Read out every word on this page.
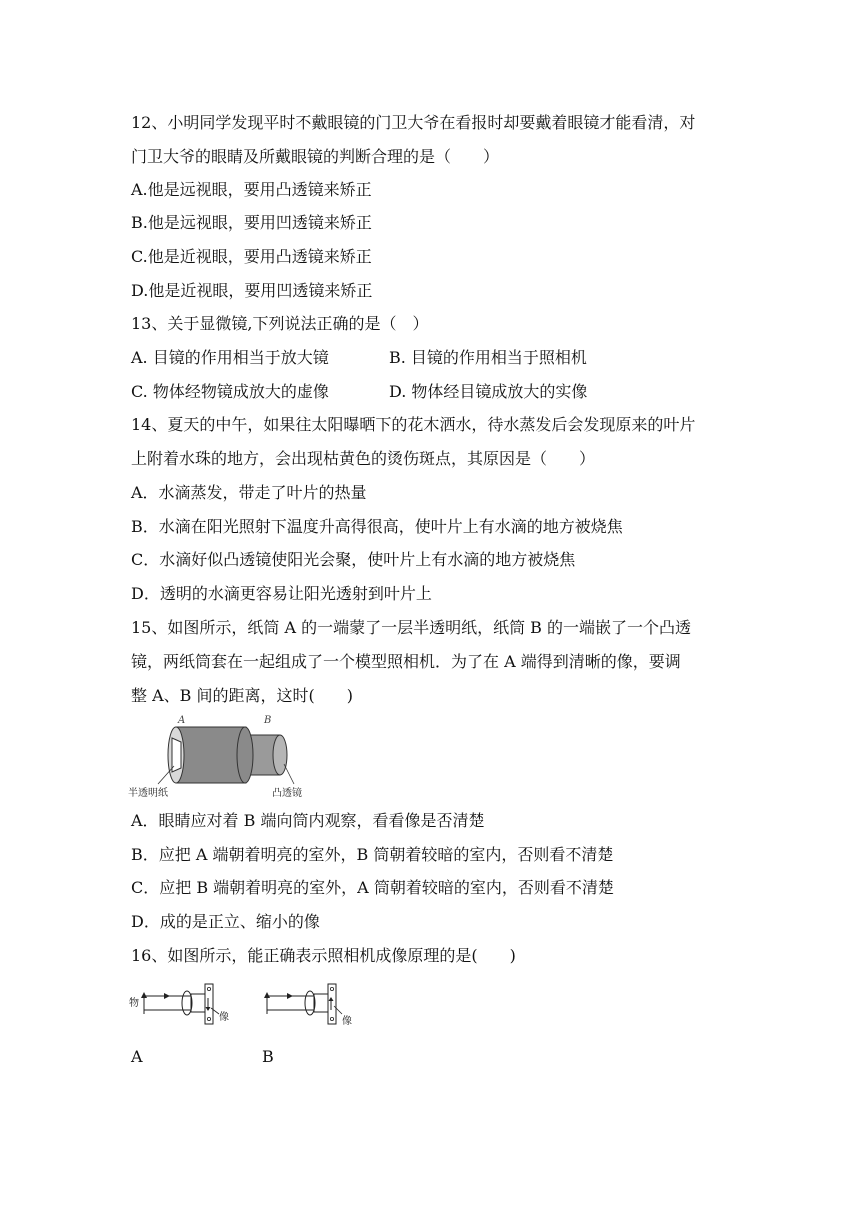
12、小明同学发现平时不戴眼镜的门卫大爷在看报时却要戴着眼镜才能看清，对
门卫大爷的眼睛及所戴眼镜的判断合理的是（　　）
A.他是远视眼，要用凸透镜来矫正
B.他是远视眼，要用凹透镜来矫正
C.他是近视眼，要用凸透镜来矫正
D.他是近视眼，要用凹透镜来矫正
13、关于显微镜,下列说法正确的是（　）
A. 目镜的作用相当于放大镜	B. 目镜的作用相当于照相机
C. 物体经物镜成放大的虚像	D. 物体经目镜成放大的实像
14、夏天的中午，如果往太阳曝晒下的花木洒水，待水蒸发后会发现原来的叶片
上附着水珠的地方，会出现枯黄色的烫伤斑点，其原因是（　　）
A．水滴蒸发，带走了叶片的热量
B．水滴在阳光照射下温度升高得很高，使叶片上有水滴的地方被烧焦
C．水滴好似凸透镜使阳光会聚，使叶片上有水滴的地方被烧焦
D．透明的水滴更容易让阳光透射到叶片上
15、如图所示，纸筒 A 的一端蒙了一层半透明纸，纸筒 B 的一端嵌了一个凸透
镜，两纸筒套在一起组成了一个模型照相机．为了在 A 端得到清晰的像，要调
整 A、B 间的距离，这时(　　)
A	B
半透明纸	凸透镜
A．眼睛应对着 B 端向筒内观察，看看像是否清楚
B．应把 A 端朝着明亮的室外，B 筒朝着较暗的室内，否则看不清楚
C．应把 B 端朝着明亮的室外，A 筒朝着较暗的室内，否则看不清楚
D．成的是正立、缩小的像
16、如图所示，能正确表示照相机成像原理的是(　　)
物
像	像
A	B
